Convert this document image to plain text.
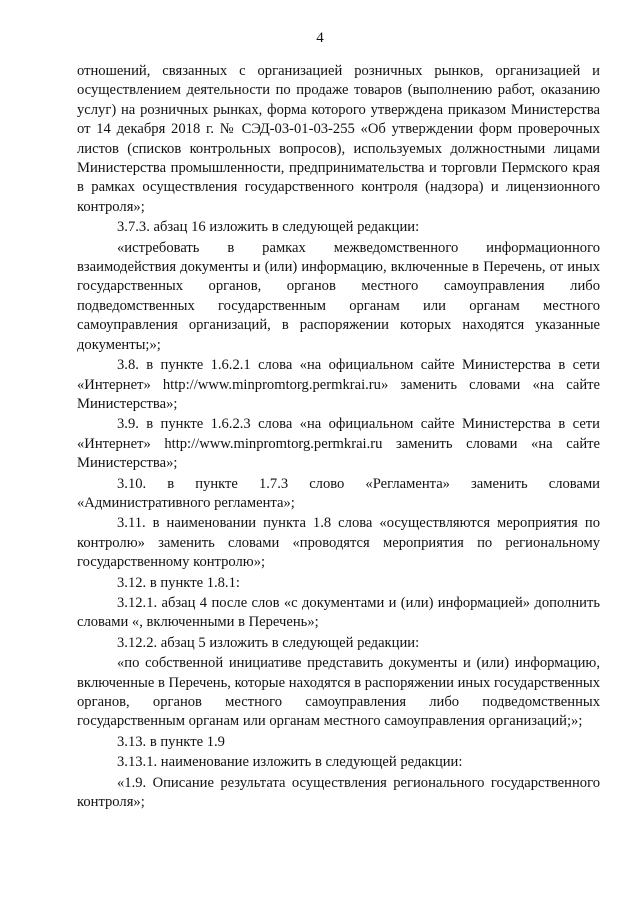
4

отношений, связанных с организацией розничных рынков, организацией и осуществлением деятельности по продаже товаров (выполнению работ, оказанию услуг) на розничных рынках, форма которого утверждена приказом Министерства от 14 декабря 2018 г. № СЭД-03-01-03-255 «Об утверждении форм проверочных листов (списков контрольных вопросов), используемых должностными лицами Министерства промышленности, предпринимательства и торговли Пермского края в рамках осуществления государственного контроля (надзора) и лицензионного контроля»;

3.7.3. абзац 16 изложить в следующей редакции:

«истребовать в рамках межведомственного информационного взаимодействия документы и (или) информацию, включенные в Перечень, от иных государственных органов, органов местного самоуправления либо подведомственных государственным органам или органам местного самоуправления организаций, в распоряжении которых находятся указанные документы;»;

3.8. в пункте 1.6.2.1 слова «на официальном сайте Министерства в сети «Интернет» http://www.minpromtorg.permkrai.ru» заменить словами «на сайте Министерства»;

3.9. в пункте 1.6.2.3 слова «на официальном сайте Министерства в сети «Интернет» http://www.minpromtorg.permkrai.ru заменить словами «на сайте Министерства»;

3.10. в пункте 1.7.3 слово «Регламента» заменить словами «Административного регламента»;

3.11. в наименовании пункта 1.8 слова «осуществляются мероприятия по контролю» заменить словами «проводятся мероприятия по региональному государственному контролю»;

3.12. в пункте 1.8.1:

3.12.1. абзац 4 после слов «с документами и (или) информацией» дополнить словами «, включенными в Перечень»;

3.12.2. абзац 5 изложить в следующей редакции:

«по собственной инициативе представить документы и (или) информацию, включенные в Перечень, которые находятся в распоряжении иных государственных органов, органов местного самоуправления либо подведомственных государственным органам или органам местного самоуправления организаций;»;

3.13. в пункте 1.9

3.13.1. наименование изложить в следующей редакции:

«1.9. Описание результата осуществления регионального государственного контроля»;
